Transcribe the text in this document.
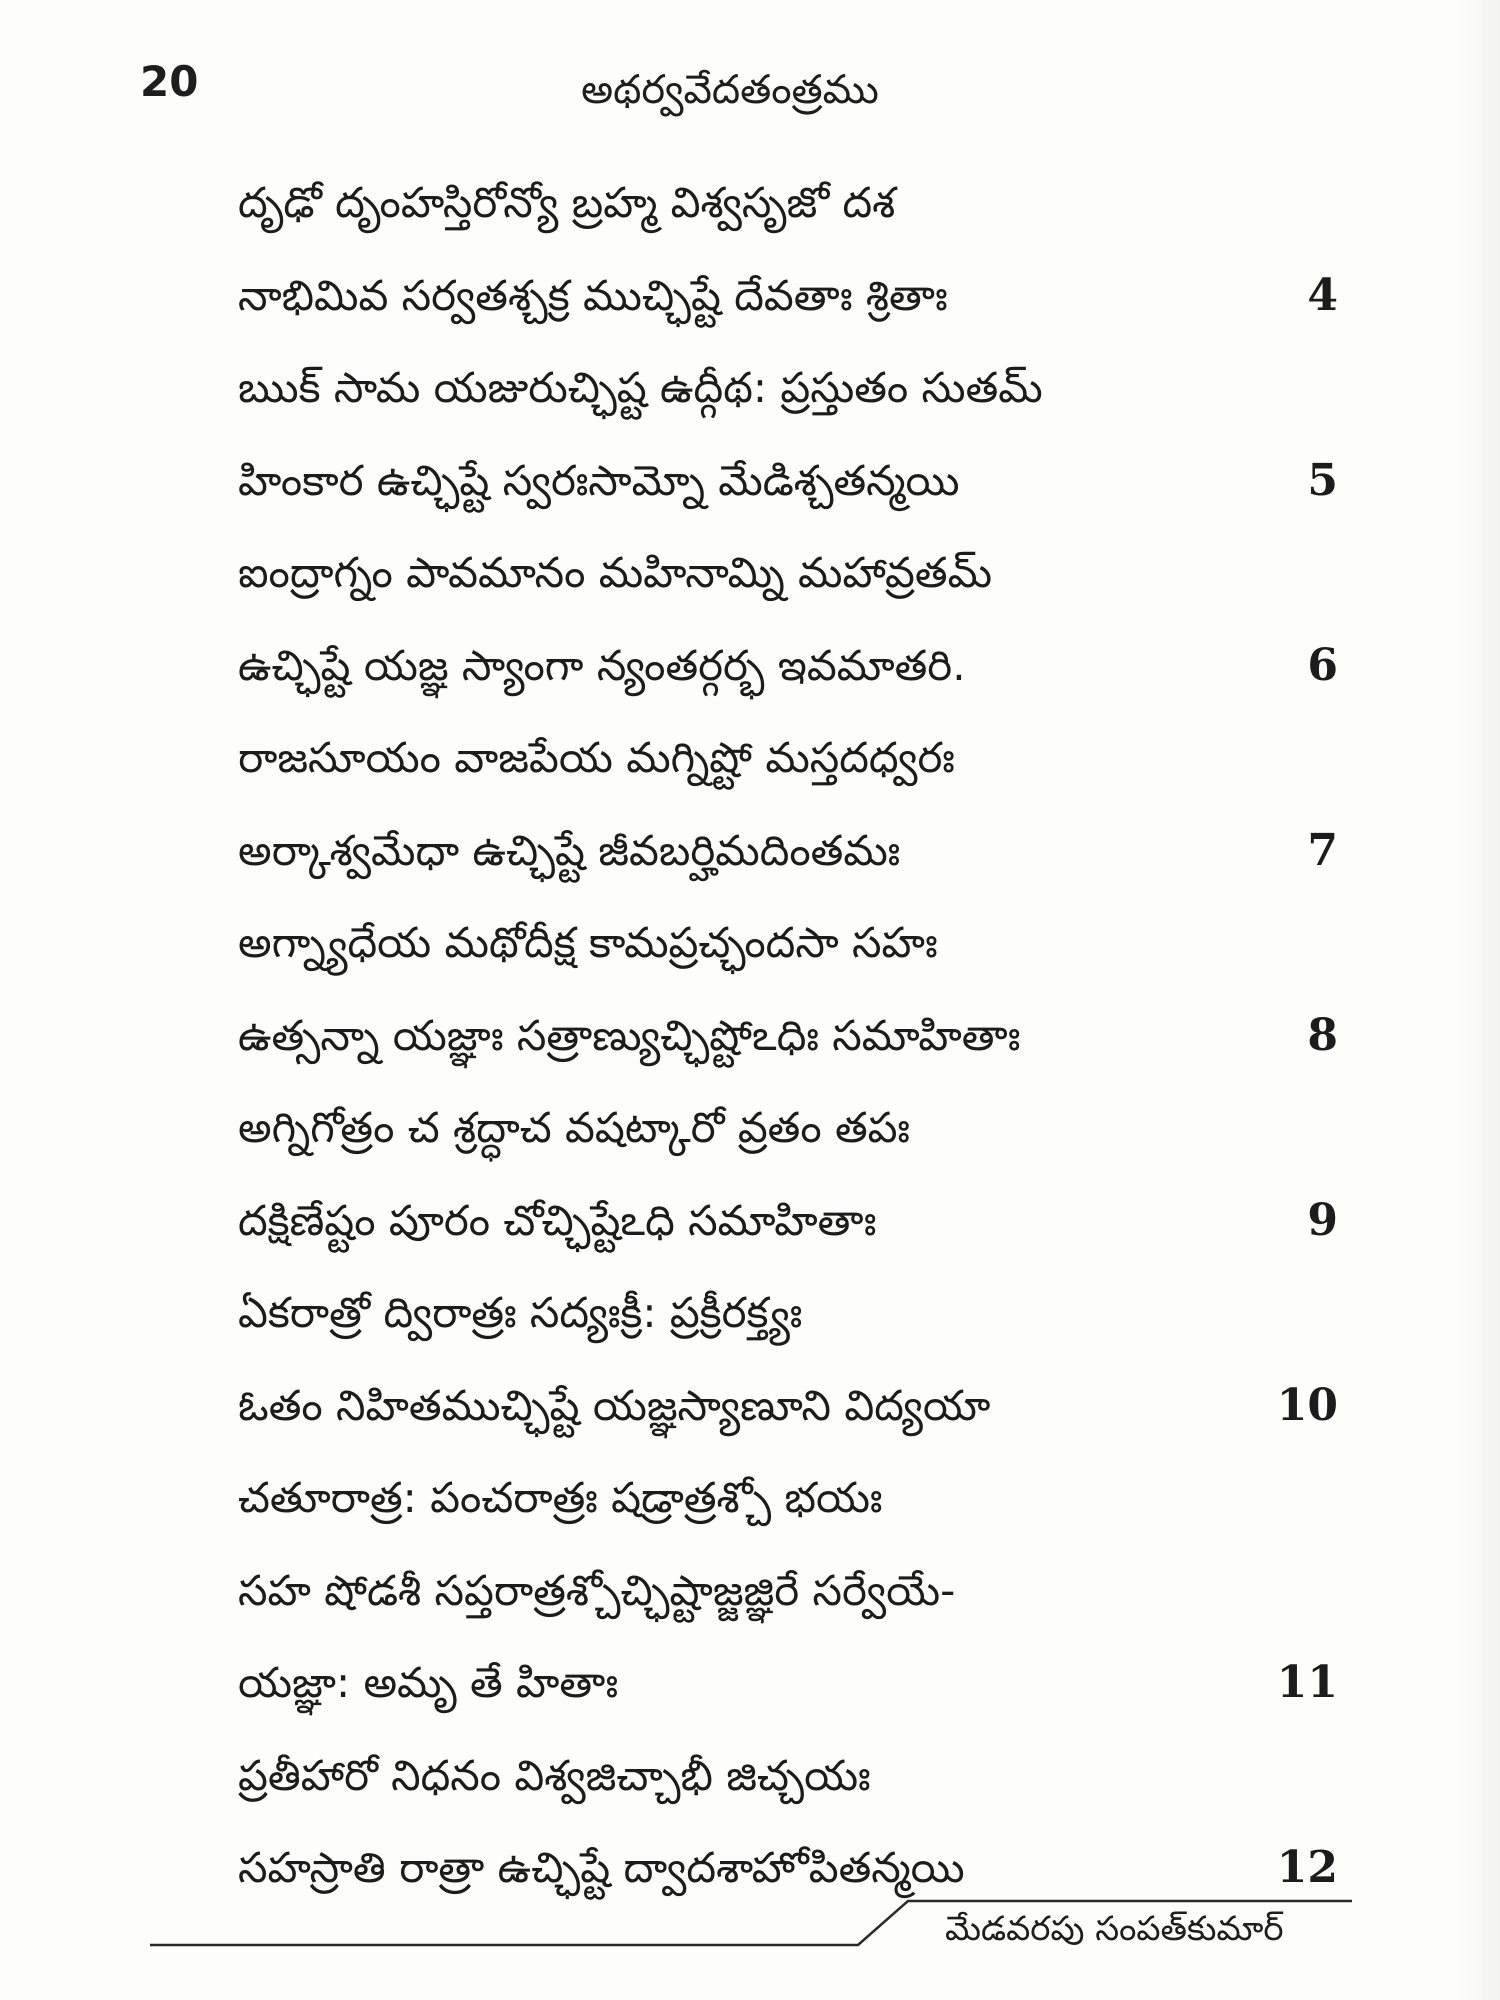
20	అథర్వవేదతంత్రము
దృఢో దృంహస్తిరోన్యో బ్రహ్మ విశ్వసృజో దశ
నాభిమివ సర్వతశ్చక్ర ముచ్ఛిష్టే దేవతాః శ్రితాః	4
ఋక్ సామ యజురుచ్ఛిష్ట ఉద్గీథ: ప్రస్తుతం సుతమ్
హింకార ఉచ్ఛిష్టే స్వరఃసామ్నో మేడిశ్చతన్మయి	5
ఐంద్రాగ్నం పావమానం మహినామ్ని మహావ్రతమ్
ఉచ్ఛిష్టే యజ్ఞ స్యాంగా న్యంతర్గర్భ ఇవమాతరి.	6
రాజసూయం వాజపేయ మగ్నిష్టో మస్తదధ్వరః
అర్కాశ్వమేధా ఉచ్ఛిష్టే జీవబర్హిమదింతమః	7
అగ్న్యాధేయ మథోదీక్ష కామప్రచ్ఛందసా సహః
ఉత్సన్నా యజ్ఞాః సత్రాణ్యుచ్ఛిష్టోఽధిః సమాహితాః	8
అగ్నిగోత్రం చ శ్రద్ధాచ వషట్కారో వ్రతం తపః
దక్షిణేష్టం పూరం చోచ్ఛిష్టేఽధి సమాహితాః	9
ఏకరాత్రో ద్విరాత్రః సద్యఃక్రీ: ప్రక్రీరక్త్యః
ఓతం నిహితముచ్ఛిష్టే యజ్ఞస్యాణూని విద్యయా	10
చతూరాత్ర: పంచరాత్రః షడ్రాత్రశ్చో భయః
సహ షోడశీ సప్తరాత్రశ్చోచ్ఛిష్టాజ్జజ్ఞిరే సర్వేయే-
యజ్ఞా: అమృ తే హితాః	11
ప్రతీహారో నిధనం విశ్వజిచ్చాభీ జిచ్చయః
సహస్రాతి రాత్రా ఉచ్ఛిష్టే ద్వాదశాహోపితన్మయి	12
మేడవరపు సంపత్‌కుమార్
